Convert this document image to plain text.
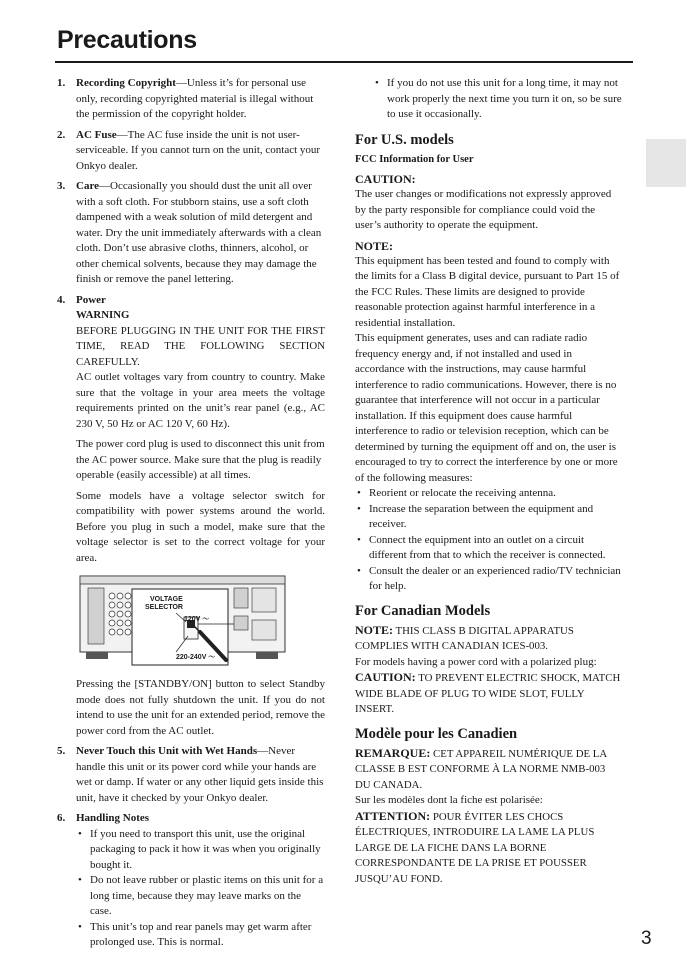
Precautions
1. Recording Copyright—Unless it’s for personal use only, recording copyrighted material is illegal without the permission of the copyright holder.
2. AC Fuse—The AC fuse inside the unit is not user-serviceable. If you cannot turn on the unit, contact your Onkyo dealer.
3. Care—Occasionally you should dust the unit all over with a soft cloth. For stubborn stains, use a soft cloth dampened with a weak solution of mild detergent and water. Dry the unit immediately afterwards with a clean cloth. Don’t use abrasive cloths, thinners, alcohol, or other chemical solvents, because they may damage the finish or remove the panel lettering.
4. Power
WARNING
BEFORE PLUGGING IN THE UNIT FOR THE FIRST TIME, READ THE FOLLOWING SECTION CAREFULLY.
AC outlet voltages vary from country to country. Make sure that the voltage in your area meets the voltage requirements printed on the unit’s rear panel (e.g., AC 230 V, 50 Hz or AC 120 V, 60 Hz).
The power cord plug is used to disconnect this unit from the AC power source. Make sure that the plug is readily operable (easily accessible) at all times.
Some models have a voltage selector switch for compatibility with power systems around the world. Before you plug in such a model, make sure that the voltage selector is set to the correct voltage for your area.
VOLTAGE
SELECTOR
120V ～
220-240V ～
Pressing the [STANDBY/ON] button to select Standby mode does not fully shutdown the unit. If you do not intend to use the unit for an extended period, remove the power cord from the AC outlet.
5. Never Touch this Unit with Wet Hands—Never handle this unit or its power cord while your hands are wet or damp. If water or any other liquid gets inside this unit, have it checked by your Onkyo dealer.
6. Handling Notes
• If you need to transport this unit, use the original packaging to pack it how it was when you originally bought it.
• Do not leave rubber or plastic items on this unit for a long time, because they may leave marks on the case.
• This unit’s top and rear panels may get warm after prolonged use. This is normal.
• If you do not use this unit for a long time, it may not work properly the next time you turn it on, so be sure to use it occasionally.
For U.S. models
FCC Information for User
CAUTION:
The user changes or modifications not expressly approved by the party responsible for compliance could void the user’s authority to operate the equipment.
NOTE:
This equipment has been tested and found to comply with the limits for a Class B digital device, pursuant to Part 15 of the FCC Rules. These limits are designed to provide reasonable protection against harmful interference in a residential installation.
This equipment generates, uses and can radiate radio frequency energy and, if not installed and used in accordance with the instructions, may cause harmful interference to radio communications. However, there is no guarantee that interference will not occur in a particular installation. If this equipment does cause harmful interference to radio or television reception, which can be determined by turning the equipment off and on, the user is encouraged to try to correct the interference by one or more of the following measures:
• Reorient or relocate the receiving antenna.
• Increase the separation between the equipment and receiver.
• Connect the equipment into an outlet on a circuit different from that to which the receiver is connected.
• Consult the dealer or an experienced radio/TV technician for help.
For Canadian Models
NOTE: THIS CLASS B DIGITAL APPARATUS COMPLIES WITH CANADIAN ICES-003.
For models having a power cord with a polarized plug:
CAUTION: TO PREVENT ELECTRIC SHOCK, MATCH WIDE BLADE OF PLUG TO WIDE SLOT, FULLY INSERT.
Modèle pour les Canadien
REMARQUE: CET APPAREIL NUMÉRIQUE DE LA CLASSE B EST CONFORME À LA NORME NMB-003 DU CANADA.
Sur les modèles dont la fiche est polarisée:
ATTENTION: POUR ÉVITER LES CHOCS ÉLECTRIQUES, INTRODUIRE LA LAME LA PLUS LARGE DE LA FICHE DANS LA BORNE CORRESPONDANTE DE LA PRISE ET POUSSER JUSQU’AU FOND.
3
